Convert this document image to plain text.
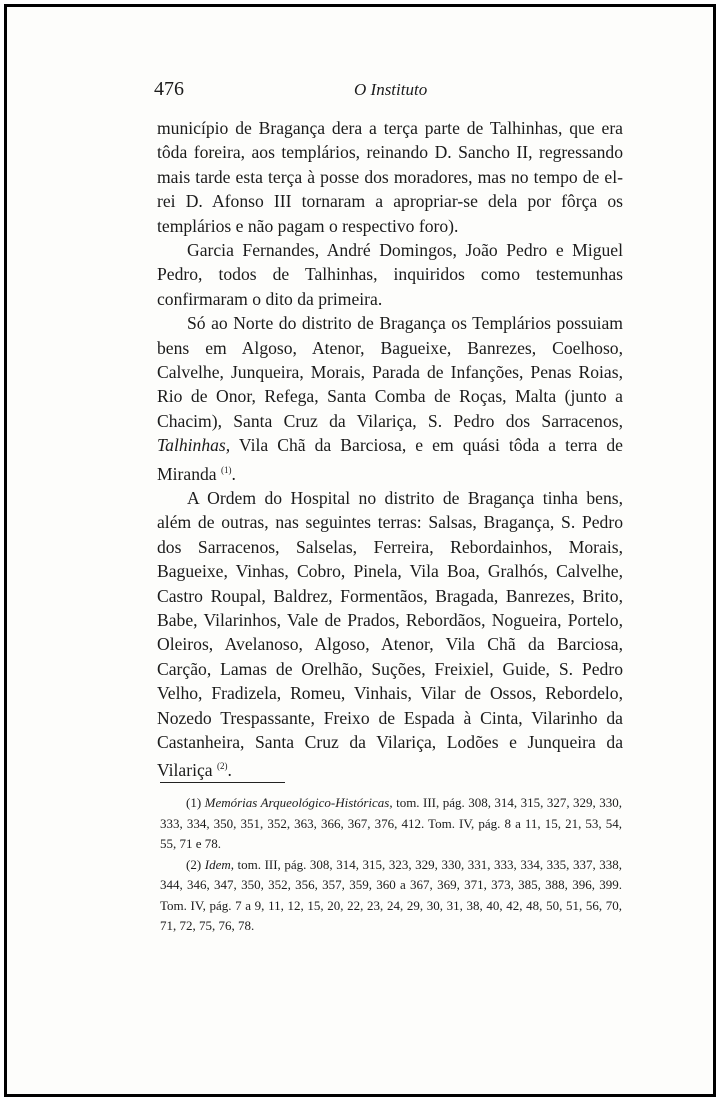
476	O Instituto

município de Bragança dera a terça parte de Talhinhas, que era tôda foreira, aos templários, reinando D. Sancho II, regressando mais tarde esta terça à posse dos moradores, mas no tempo de el-rei D. Afonso III tornaram a apropriar-se dela por fôrça os templários e não pagam o respectivo foro).

Garcia Fernandes, André Domingos, João Pedro e Miguel Pedro, todos de Talhinhas, inquiridos como testemunhas confirmaram o dito da primeira.

Só ao Norte do distrito de Bragança os Templários possuiam bens em Algoso, Atenor, Bagueixe, Banrezes, Coelhoso, Calvelhe, Junqueira, Morais, Parada de Infanções, Penas Roias, Rio de Onor, Refega, Santa Comba de Roças, Malta (junto a Chacim), Santa Cruz da Vilariça, S. Pedro dos Sarracenos, Talhinhas, Vila Chã da Barciosa, e em quási tôda a terra de Miranda $^{(1)}$.

A Ordem do Hospital no distrito de Bragança tinha bens, além de outras, nas seguintes terras: Salsas, Bragança, S. Pedro dos Sarracenos, Salselas, Ferreira, Rebordainhos, Morais, Bagueixe, Vinhas, Cobro, Pinela, Vila Boa, Gralhós, Calvelhe, Castro Roupal, Baldrez, Formentãos, Bragada, Banrezes, Brito, Babe, Vilarinhos, Vale de Prados, Rebordãos, Nogueira, Portelo, Oleiros, Avelanoso, Algoso, Atenor, Vila Chã da Barciosa, Carção, Lamas de Orelhão, Suções, Freixiel, Guide, S. Pedro Velho, Fradizela, Romeu, Vinhais, Vilar de Ossos, Rebordelo, Nozedo Trespassante, Freixo de Espada à Cinta, Vilarinho da Castanheira, Santa Cruz da Vilariça, Lodões e Junqueira da Vilariça $^{(2)}$.

(1) Memórias Arqueológico-Históricas, tom. III, pág. 308, 314, 315, 327, 329, 330, 333, 334, 350, 351, 352, 363, 366, 367, 376, 412. Tom. IV, pág. 8 a 11, 15, 21, 53, 54, 55, 71 e 78.

(2) Idem, tom. III, pág. 308, 314, 315, 323, 329, 330, 331, 333, 334, 335, 337, 338, 344, 346, 347, 350, 352, 356, 357, 359, 360 a 367, 369, 371, 373, 385, 388, 396, 399. Tom. IV, pág. 7 a 9, 11, 12, 15, 20, 22, 23, 24, 29, 30, 31, 38, 40, 42, 48, 50, 51, 56, 70, 71, 72, 75, 76, 78.
